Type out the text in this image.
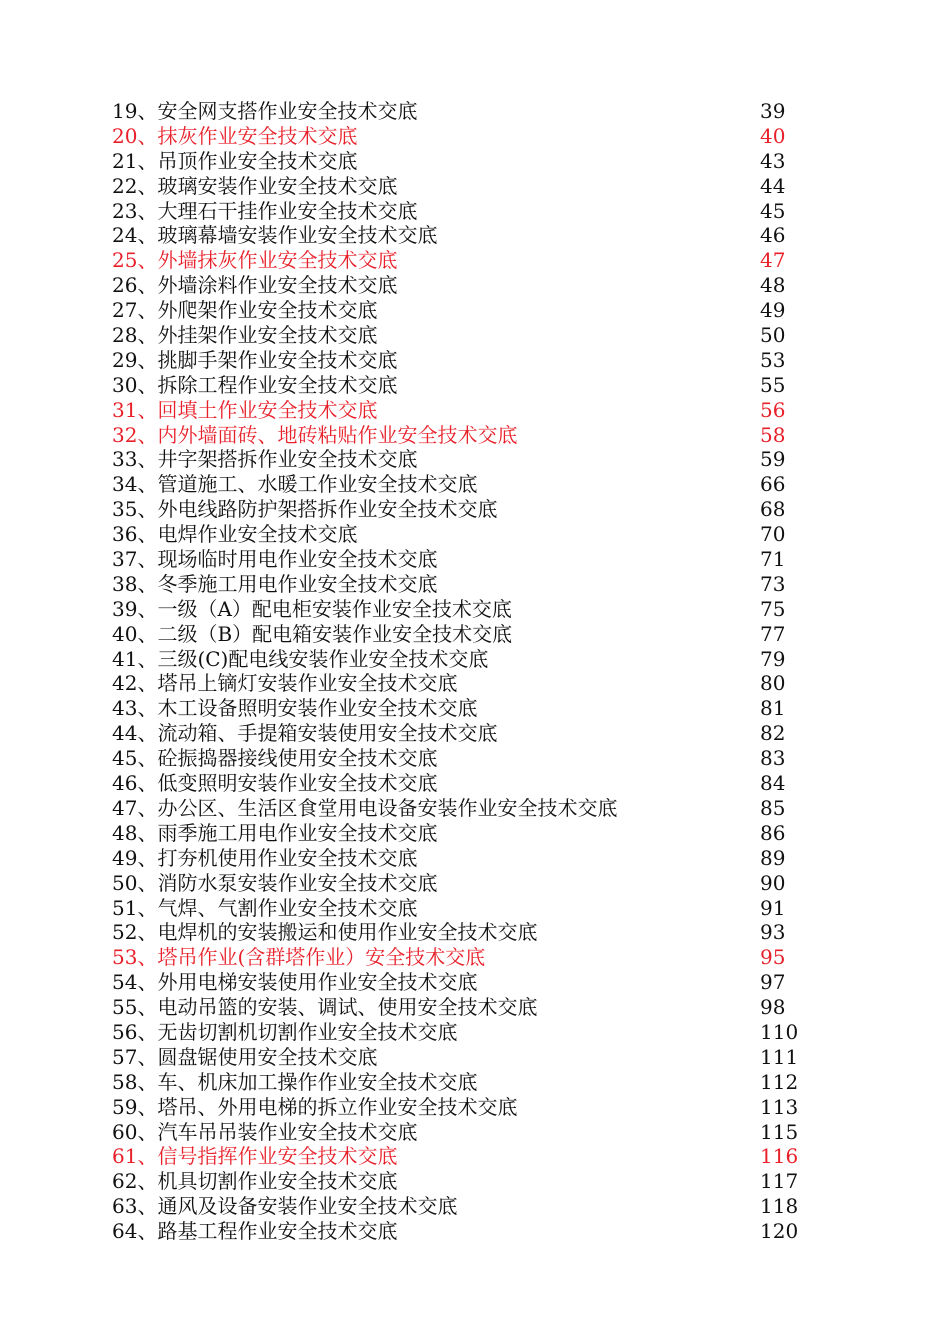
19、安全网支搭作业安全技术交底	39
20、抹灰作业安全技术交底	40
21、吊顶作业安全技术交底	43
22、玻璃安装作业安全技术交底	44
23、大理石干挂作业安全技术交底	45
24、玻璃幕墙安装作业安全技术交底	46
25、外墙抹灰作业安全技术交底	47
26、外墙涂料作业安全技术交底	48
27、外爬架作业安全技术交底	49
28、外挂架作业安全技术交底	50
29、挑脚手架作业安全技术交底	53
30、拆除工程作业安全技术交底	55
31、回填土作业安全技术交底	56
32、内外墙面砖、地砖粘贴作业安全技术交底	58
33、井字架搭拆作业安全技术交底	59
34、管道施工、水暖工作业安全技术交底	66
35、外电线路防护架搭拆作业安全技术交底	68
36、电焊作业安全技术交底	70
37、现场临时用电作业安全技术交底	71
38、冬季施工用电作业安全技术交底	73
39、一级（A）配电柜安装作业安全技术交底	75
40、二级（B）配电箱安装作业安全技术交底	77
41、三级(C)配电线安装作业安全技术交底	79
42、塔吊上镝灯安装作业安全技术交底	80
43、木工设备照明安装作业安全技术交底	81
44、流动箱、手提箱安装使用安全技术交底	82
45、砼振捣器接线使用安全技术交底	83
46、低变照明安装作业安全技术交底	84
47、办公区、生活区食堂用电设备安装作业安全技术交底	85
48、雨季施工用电作业安全技术交底	86
49、打夯机使用作业安全技术交底	89
50、消防水泵安装作业安全技术交底	90
51、气焊、气割作业安全技术交底	91
52、电焊机的安装搬运和使用作业安全技术交底	93
53、塔吊作业(含群塔作业）安全技术交底	95
54、外用电梯安装使用作业安全技术交底	97
55、电动吊篮的安装、调试、使用安全技术交底	98
56、无齿切割机切割作业安全技术交底	110
57、圆盘锯使用安全技术交底	111
58、车、机床加工操作作业安全技术交底	112
59、塔吊、外用电梯的拆立作业安全技术交底	113
60、汽车吊吊装作业安全技术交底	115
61、信号指挥作业安全技术交底	116
62、机具切割作业安全技术交底	117
63、通风及设备安装作业安全技术交底	118
64、路基工程作业安全技术交底	120
